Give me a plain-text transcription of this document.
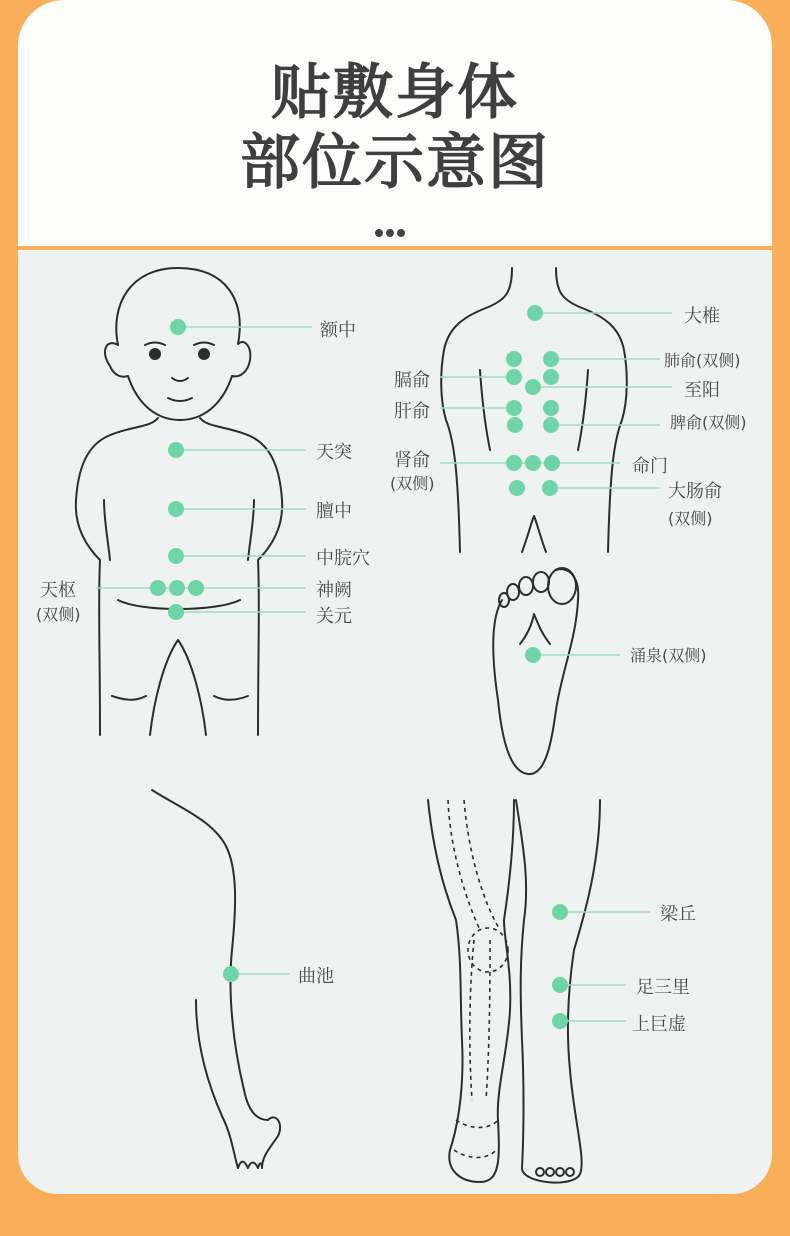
贴敷身体
部位示意图
额中
天突
膻中
中脘穴
神阙
关元
天枢
(双侧)
大椎
肺俞(双侧)
膈俞	至阳
肝俞
脾俞(双侧)
肾俞
(双侧)
命门
大肠俞
(双侧)
涌泉(双侧)
曲池
梁丘
足三里
上巨虚
